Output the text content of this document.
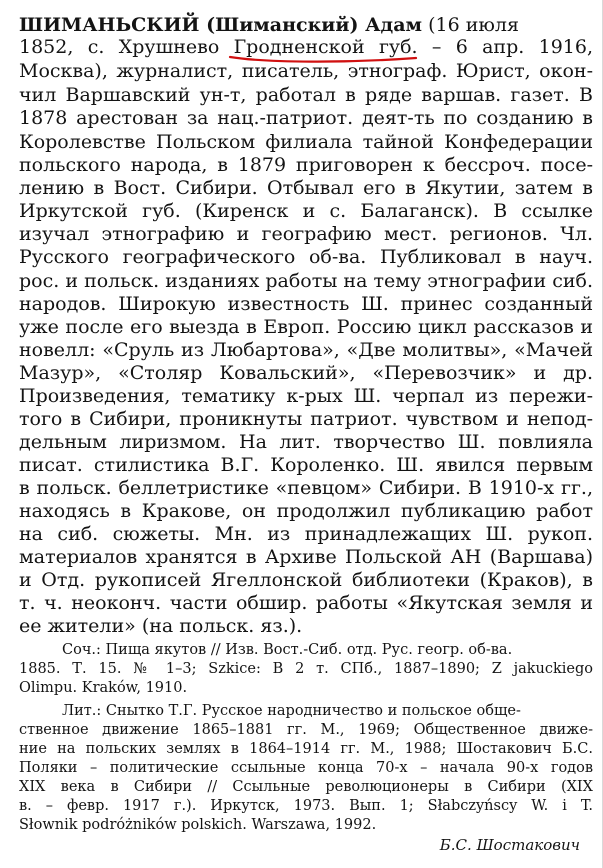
ШИМАНЬСКИЙ (Шиманский) Адам (16 июля
1852, с. Хрушнево Гродненской губ. – 6 апр. 1916,
Москва), журналист, писатель, этнограф. Юрист, окон-
чил Варшавский ун-т, работал в ряде варшав. газет. В
1878 арестован за нац.-патриот. деят-ть по созданию в
Королевстве Польском филиала тайной Конфедерации
польского народа, в 1879 приговорен к бессроч. посе-
лению в Вост. Сибири. Отбывал его в Якутии, затем в
Иркутской губ. (Киренск и с. Балаганск). В ссылке
изучал этнографию и географию мест. регионов. Чл.
Русского географического об-ва. Публиковал в науч.
рос. и польск. изданиях работы на тему этнографии сиб.
народов. Широкую известность Ш. принес созданный
уже после его выезда в Европ. Россию цикл рассказов и
новелл: «Сруль из Любартова», «Две молитвы», «Мачей
Мазур», «Столяр Ковальский», «Перевозчик» и др.
Произведения, тематику к-рых Ш. черпал из пережи-
того в Сибири, проникнуты патриот. чувством и непод-
дельным лиризмом. На лит. творчество Ш. повлияла
писат. стилистика В.Г. Короленко. Ш. явился первым
в польск. беллетристике «певцом» Сибири. В 1910-х гг.,
находясь в Кракове, он продолжил публикацию работ
на сиб. сюжеты. Мн. из принадлежащих Ш. рукоп.
материалов хранятся в Архиве Польской АН (Варшава)
и Отд. рукописей Ягеллонской библиотеки (Краков), в
т. ч. неоконч. части обшир. работы «Якутская земля и
ее жители» (на польск. яз.).
Соч.: Пища якутов // Изв. Вост.-Сиб. отд. Рус. геогр. об-ва.
1885. Т. 15. № 1–3; Szkice: В 2 т. СПб., 1887–1890; Z jakuckiego
Olimpu. Kraków, 1910.
Лит.: Снытко Т.Г. Русское народничество и польское обще-
ственное движение 1865–1881 гг. М., 1969; Общественное движе-
ние на польских землях в 1864–1914 гг. М., 1988; Шостакович Б.С.
Поляки – политические ссыльные конца 70-х – начала 90-х годов
XIX века в Сибири // Ссыльные революционеры в Сибири (XIX
в. – февр. 1917 г.). Иркутск, 1973. Вып. 1; Słabczyńscy W. i T.
Słownik podróżników polskich. Warszawa, 1992.
Б.С. Шостакович
